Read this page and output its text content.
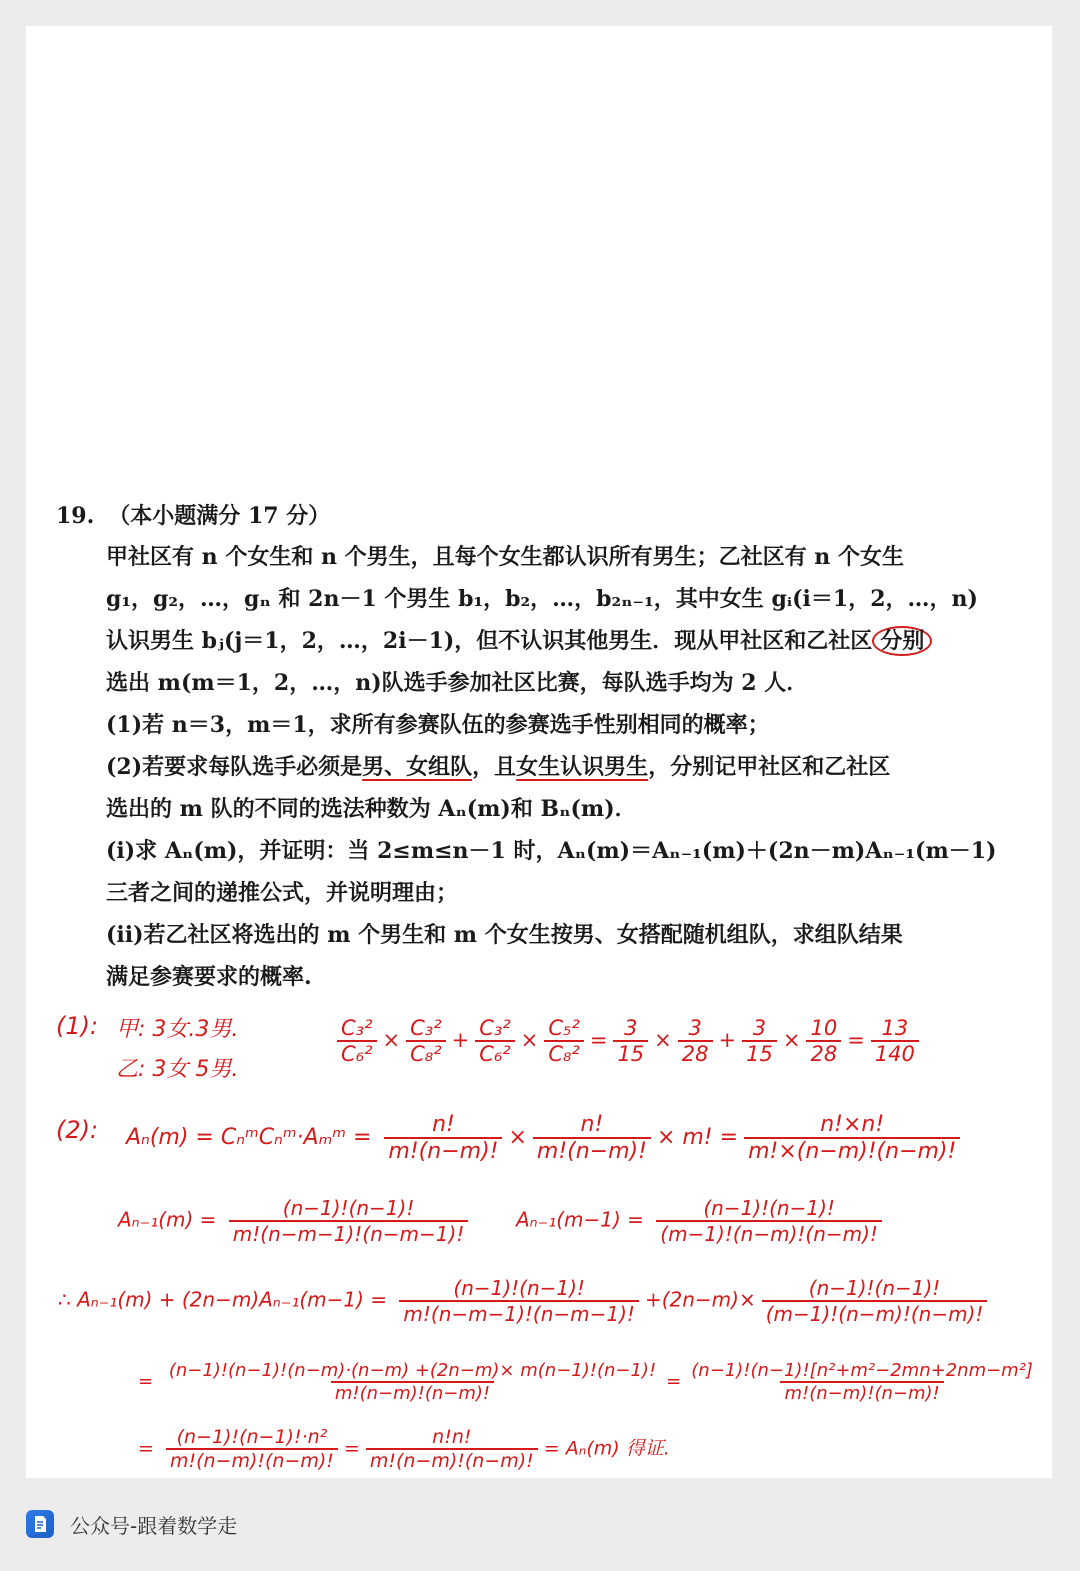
19. （本小题满分 17 分）
甲社区有 n 个女生和 n 个男生，且每个女生都认识所有男生；乙社区有 n 个女生
g₁，g₂，…，gₙ 和 2n－1 个男生 b₁，b₂，…，b₂ₙ₋₁，其中女生 gᵢ(i＝1，2，…，n)
认识男生 bⱼ(j＝1，2，…，2i－1)，但不认识其他男生．现从甲社区和乙社区 分别
选出 m(m＝1，2，…，n)队选手参加社区比赛，每队选手均为 2 人．
(1)若 n＝3，m＝1，求所有参赛队伍的参赛选手性别相同的概率；
(2)若要求每队选手必须是男、女组队，且女生认识男生，分别记甲社区和乙社区
选出的 m 队的不同的选法种数为 Aₙ(m)和 Bₙ(m)．
(i)求 Aₙ(m)，并证明：当 2≤m≤n－1 时，Aₙ(m)＝Aₙ₋₁(m)＋(2n－m)Aₙ₋₁(m－1)
三者之间的递推公式，并说明理由；
(ii)若乙社区将选出的 m 个男生和 m 个女生按男、女搭配随机组队，求组队结果
满足参赛要求的概率.
(1): 甲: 3女.3男.
乙: 3女 5男.
$\frac{\text{C₃²}}{\text{C₆²}} \times \frac{\text{C₃²}}{\text{C₈²}} + \frac{\text{C₃²}}{\text{C₆²}} \times \frac{\text{C₅²}}{\text{C₈²}} = \frac{3}{15} \times \frac{3}{28} + \frac{3}{15} \times \frac{10}{28} = \frac{13}{140}$
(2): Aₙ(m) = CₙᵐCₙᵐ·Aₘᵐ = $\frac{n!}{m!(n-m)!} \times \frac{n!}{m!(n-m)!} \times m$! = $\frac{n!\times n!}{m!\times(n-m)!(n-m)!}$
$A_{n-1}(m) = \frac{(n-1)!(n-1)!}{m!(n-m-1)!(n-m-1)!} A_{n-1}(m-1) = \frac{(n-1)!(n-1)!}{(m-1)!(n-m)!(n-m)!}$
∴ $A_{n-1}(m) + (2n-m)A_{n-1}(m-1) = \frac{(n-1)!(n-1)!}{m!(n-m-1)!(n-m-1)!} +(2n-m)\times \frac{(n-1)!(n-1)!}{(m-1)!(n-m)!(n-m)!}$
= $\frac{(n-1)!(n-1)!(n-m)\cdot(n-m) +(2n-m)\times m(n-1)!(n-1)!}{m!(n-m)!(n-m)!} = \frac{\text{(n−1)!(n−1)![n²+m²−2mn+2nm−m²]}}{m!(n-m)!(n-m)!}$
= $\frac{\text{(n−1)!(n−1)!·n²}}{m!(n-m)!(n-m)!} = \frac{n!n!}{m!(n-m)!(n-m)!} = A_n(m)$ 得证.
公众号-跟着数学走
